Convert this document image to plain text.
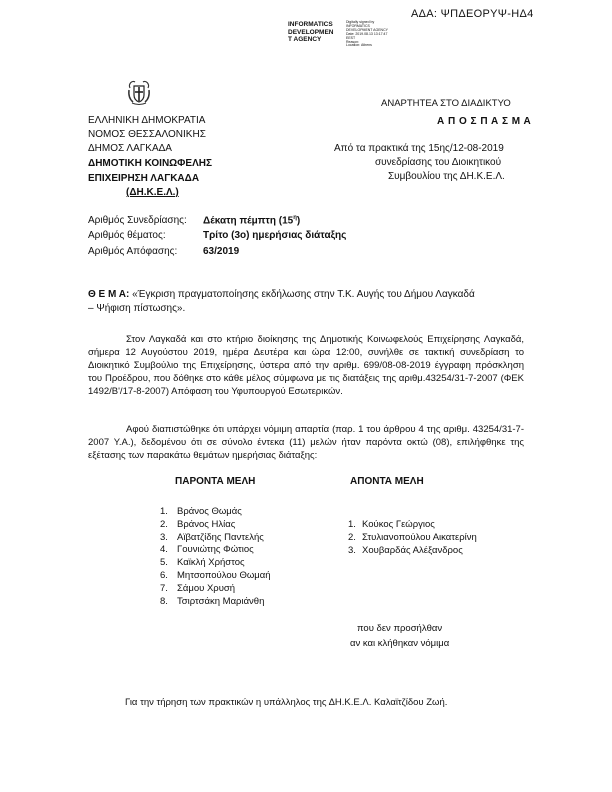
ΑΔΑ: ΨΠΔΕΟΡΥΨ-ΗΔ4
INFORMATICS
DEVELOPMEN
T AGENCY
Digitally signed by
INFORMATICS
DEVELOPMENT AGENCY
Date: 2019.08.13 13:17:47
EEST
Reason:
Location: Athens
ΑΝΑΡΤΗΤΕΑ ΣΤΟ ΔΙΑΔΙΚΤΥΟ
Α Π Ο Σ Π Α Σ Μ Α
ΕΛΛΗΝΙΚΗ ΔΗΜΟΚΡΑΤΙΑ
ΝΟΜΟΣ ΘΕΣΣΑΛΟΝΙΚΗΣ
ΔΗΜΟΣ ΛΑΓΚΑΔΑ
ΔΗΜΟΤΙΚΗ ΚΟΙΝΩΦΕΛΗΣ
ΕΠΙΧΕΙΡΗΣΗ ΛΑΓΚΑΔΑ
(ΔΗ.Κ.Ε.Λ.)
Από τα πρακτικά της 15ης/12-08-2019
συνεδρίασης του Διοικητικού
Συμβουλίου της ΔΗ.Κ.Ε.Λ.
Αριθμός Συνεδρίασης: Δέκατη πέμπτη $(15^\eta)$
Αριθμός θέματος:	Τρίτο (3ο) ημερήσιας διάταξης
Αριθμός Απόφασης:	63/2019
Θ Ε Μ Α: «Έγκριση πραγματοποίησης εκδήλωσης στην Τ.Κ. Αυγής του Δήμου Λαγκαδά
– Ψήφιση πίστωσης».
Στον Λαγκαδά και στο κτήριο διοίκησης της Δημοτικής Κοινωφελούς Επιχείρησης Λαγκαδά, σήμερα 12 Αυγούστου 2019, ημέρα Δευτέρα και ώρα 12:00, συνήλθε σε τακτική συνεδρίαση το Διοικητικό Συμβούλιο της Επιχείρησης, ύστερα από την αριθμ. 699/08-08-2019 έγγραφη πρόσκληση του Προέδρου, που δόθηκε στο κάθε μέλος σύμφωνα με τις διατάξεις της αριθμ.43254/31-7-2007 (ΦΕΚ 1492/Β'/17-8-2007) Απόφαση του Υφυπουργού Εσωτερικών.
Αφού διαπιστώθηκε ότι υπάρχει νόμιμη απαρτία (παρ. 1 του άρθρου 4 της αριθμ. 43254/31-7-2007 Υ.Α.), δεδομένου ότι σε σύνολο έντεκα (11) μελών ήταν παρόντα οκτώ (08), επιλήφθηκε της εξέτασης των παρακάτω θεμάτων ημερήσιας διάταξης:
ΠΑΡΟΝΤΑ ΜΕΛΗ	ΑΠΟΝΤΑ ΜΕΛΗ
1. Βράνος Θωμάς
2. Βράνος Ηλίας
3. Αϊβατζίδης Παντελής
4. Γουνιώτης Φώτιος
5. Καϊκλή Χρήστος
6. Μητσοπούλου Θωμαή
7. Σάμου Χρυσή
8. Τσιρτσάκη Μαριάνθη
1. Κούκος Γεώργιος
2. Στυλιανοπούλου Αικατερίνη
3. Χουβαρδάς Αλέξανδρος
που δεν προσήλθαν
αν και κλήθηκαν νόμιμα
Για την τήρηση των πρακτικών η υπάλληλος της ΔΗ.Κ.Ε.Λ. Καλαϊτζίδου Ζωή.
